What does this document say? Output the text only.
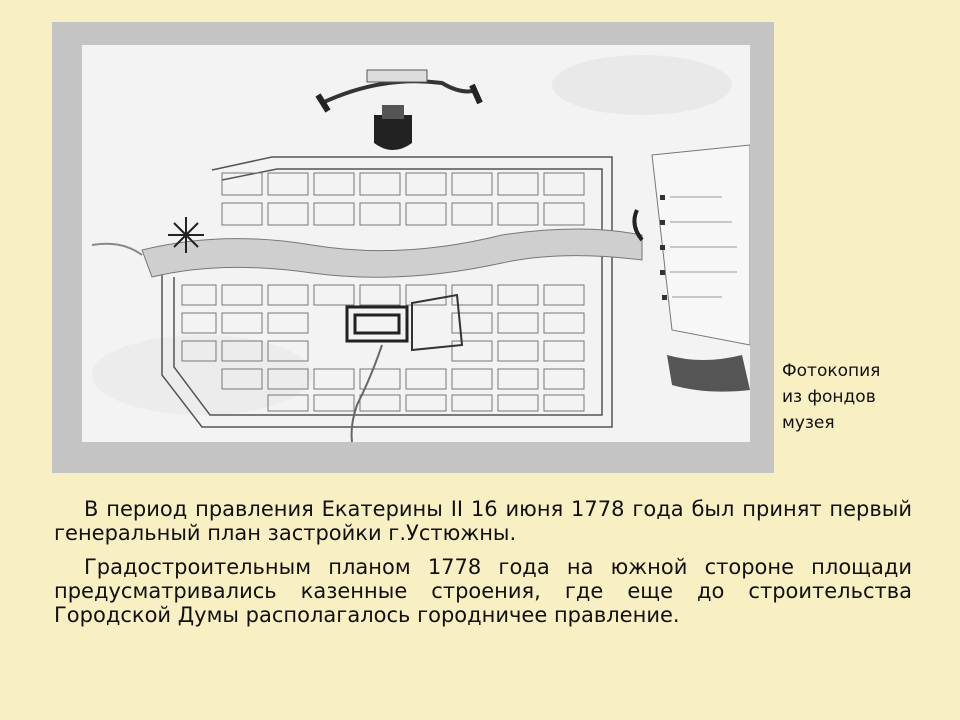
Фотокопия
из фондов
музея

В период правления Екатерины II 16 июня 1778 года был принят первый генеральный план застройки г.Устюжны.

Градостроительным планом 1778 года на южной стороне площади предусматривались казенные строения, где еще до строительства Городской Думы располагалось городничее правление.
